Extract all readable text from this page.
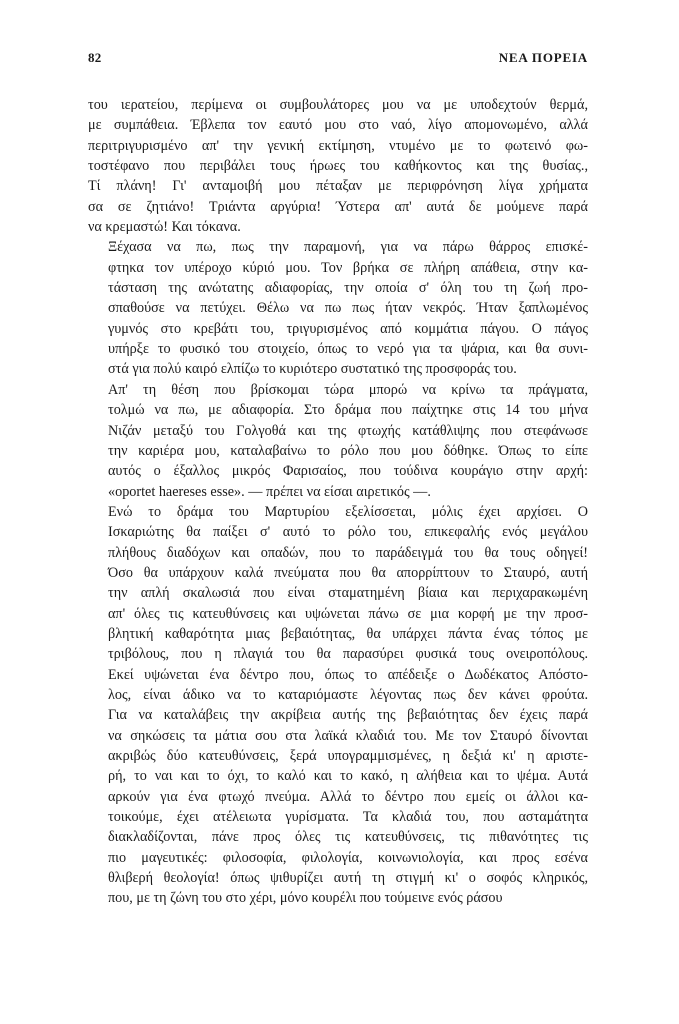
82	ΝΕΑ ΠΟΡΕΙΑ

του ιερατείου, περίμενα οι συμβουλάτορες μου να με υποδεχτούν θερμά,
με συμπάθεια. Έβλεπα τον εαυτό μου στο ναό, λίγο απομονωμένο, αλλά
περιτριγυρισμένο απ' την γενική εκτίμηση, ντυμένο με το φωτεινό φω-
τοστέφανο που περιβάλει τους ήρωες του καθήκοντος και της θυσίας.,
Τί πλάνη! Γι' ανταμοιβή μου πέταξαν με περιφρόνηση λίγα χρήματα
σα σε ζητιάνο! Τριάντα αργύρια! Ύστερα απ' αυτά δε μούμενε παρά
να κρεμαστώ! Και τόκανα.

Ξέχασα να πω, πως την παραμονή, για να πάρω θάρρος επισκέ-
φτηκα τον υπέροχο κύριό μου. Τον βρήκα σε πλήρη απάθεια, στην κα-
τάσταση της ανώτατης αδιαφορίας, την οποία σ' όλη του τη ζωή προ-
σπαθούσε να πετύχει. Θέλω να πω πως ήταν νεκρός. Ήταν ξαπλωμένος
γυμνός στο κρεβάτι του, τριγυρισμένος από κομμάτια πάγου. Ο πάγος
υπήρξε το φυσικό του στοιχείο, όπως το νερό για τα ψάρια, και θα συνι-
στά για πολύ καιρό ελπίζω το κυριότερο συστατικό της προσφοράς του.

Απ' τη θέση που βρίσκομαι τώρα μπορώ να κρίνω τα πράγματα,
τολμώ να πω, με αδιαφορία. Στο δράμα που παίχτηκε στις 14 του μήνα
Νιζάν μεταξύ του Γολγοθά και της φτωχής κατάθλιψης που στεφάνωσε
την καριέρα μου, καταλαβαίνω το ρόλο που μου δόθηκε. Όπως το είπε
αυτός ο έξαλλος μικρός Φαρισαίος, που τούδινα κουράγιο στην αρχή:
«oportet haereses esse». — πρέπει να είσαι αιρετικός —.

Ενώ το δράμα του Μαρτυρίου εξελίσσεται, μόλις έχει αρχίσει. Ο
Ισκαριώτης θα παίξει σ' αυτό το ρόλο του, επικεφαλής ενός μεγάλου
πλήθους διαδόχων και οπαδών, που το παράδειγμά του θα τους οδηγεί!
Όσο θα υπάρχουν καλά πνεύματα που θα απορρίπτουν το Σταυρό, αυτή
την απλή σκαλωσιά που είναι σταματημένη βίαια και περιχαρακωμένη
απ' όλες τις κατευθύνσεις και υψώνεται πάνω σε μια κορφή με την προσ-
βλητική καθαρότητα μιας βεβαιότητας, θα υπάρχει πάντα ένας τόπος με
τριβόλους, που η πλαγιά του θα παρασύρει φυσικά τους ονειροπόλους.
Εκεί υψώνεται ένα δέντρο που, όπως το απέδειξε ο Δωδέκατος Απόστο-
λος, είναι άδικο να το καταριόμαστε λέγοντας πως δεν κάνει φρούτα.
Για να καταλάβεις την ακρίβεια αυτής της βεβαιότητας δεν έχεις παρά
να σηκώσεις τα μάτια σου στα λαϊκά κλαδιά του. Με τον Σταυρό δίνονται
ακριβώς δύο κατευθύνσεις, ξερά υπογραμμισμένες, η δεξιά κι' η αριστε-
ρή, το ναι και το όχι, το καλό και το κακό, η αλήθεια και το ψέμα. Αυτά
αρκούν για ένα φτωχό πνεύμα. Αλλά το δέντρο που εμείς οι άλλοι κα-
τοικούμε, έχει ατέλειωτα γυρίσματα. Τα κλαδιά του, που ασταμάτητα
διακλαδίζονται, πάνε προς όλες τις κατευθύνσεις, τις πιθανότητες τις
πιο μαγευτικές: φιλοσοφία, φιλολογία, κοινωνιολογία, και προς εσένα
θλιβερή θεολογία! όπως ψιθυρίζει αυτή τη στιγμή κι' ο σοφός κληρικός,
που, με τη ζώνη του στο χέρι, μόνο κουρέλι που τούμεινε ενός ράσου
